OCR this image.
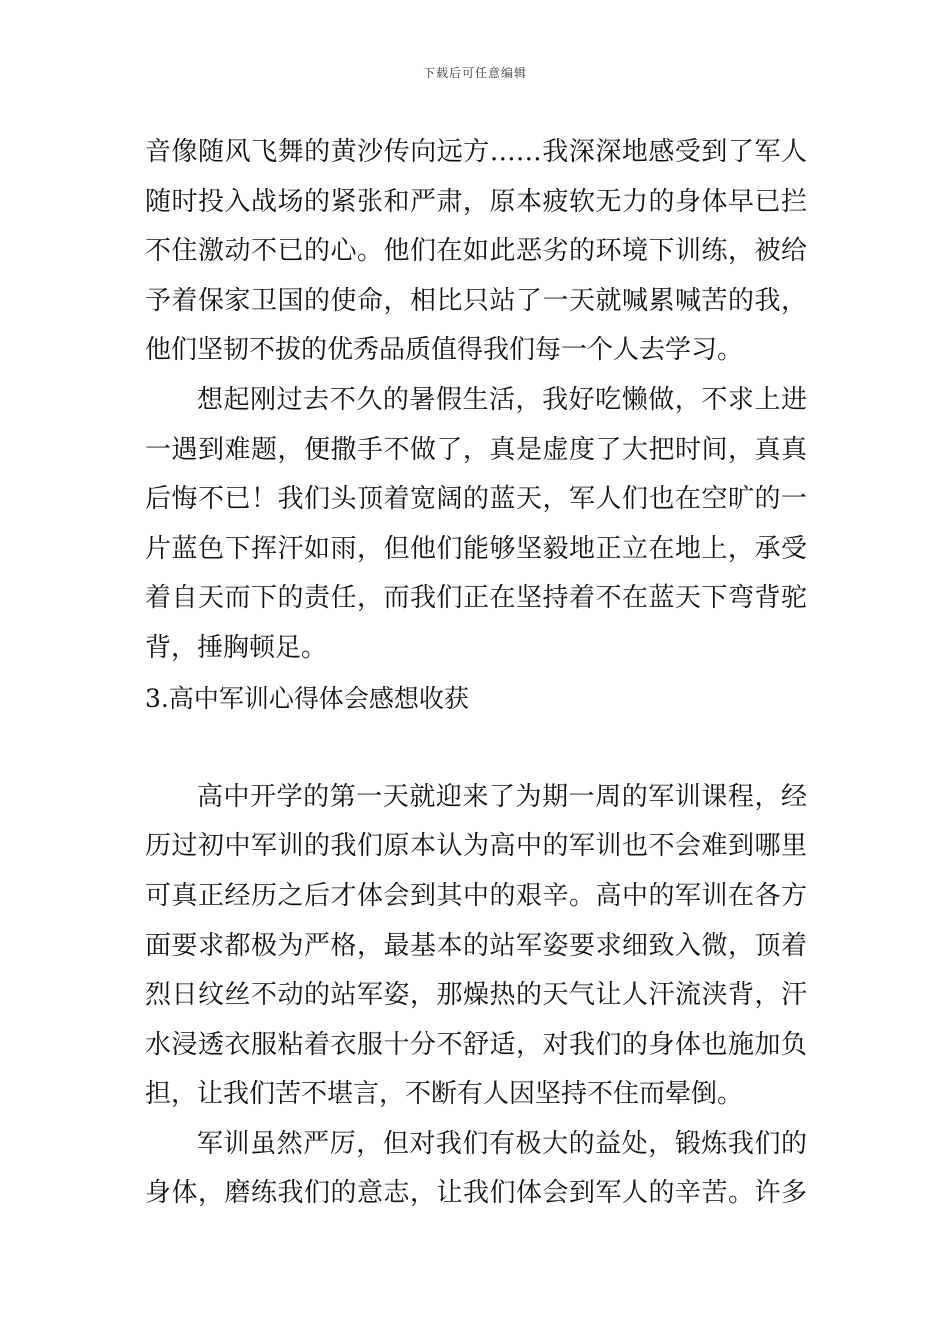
下载后可任意编辑
音像随风飞舞的黄沙传向远方……我深深地感受到了军人
随时投入战场的紧张和严肃，原本疲软无力的身体早已拦
不住激动不已的心。他们在如此恶劣的环境下训练，被给
予着保家卫国的使命，相比只站了一天就喊累喊苦的我，
他们坚韧不拔的优秀品质值得我们每一个人去学习。
想起刚过去不久的暑假生活，我好吃懒做，不求上进
一遇到难题，便撒手不做了，真是虚度了大把时间，真真
后悔不已！我们头顶着宽阔的蓝天，军人们也在空旷的一
片蓝色下挥汗如雨，但他们能够坚毅地正立在地上，承受
着自天而下的责任，而我们正在坚持着不在蓝天下弯背驼
背，捶胸顿足。
3.高中军训心得体会感想收获
高中开学的第一天就迎来了为期一周的军训课程，经
历过初中军训的我们原本认为高中的军训也不会难到哪里
可真正经历之后才体会到其中的艰辛。高中的军训在各方
面要求都极为严格，最基本的站军姿要求细致入微，顶着
烈日纹丝不动的站军姿，那燥热的天气让人汗流浃背，汗
水浸透衣服粘着衣服十分不舒适，对我们的身体也施加负
担，让我们苦不堪言，不断有人因坚持不住而晕倒。
军训虽然严厉，但对我们有极大的益处，锻炼我们的
身体，磨练我们的意志，让我们体会到军人的辛苦。许多
